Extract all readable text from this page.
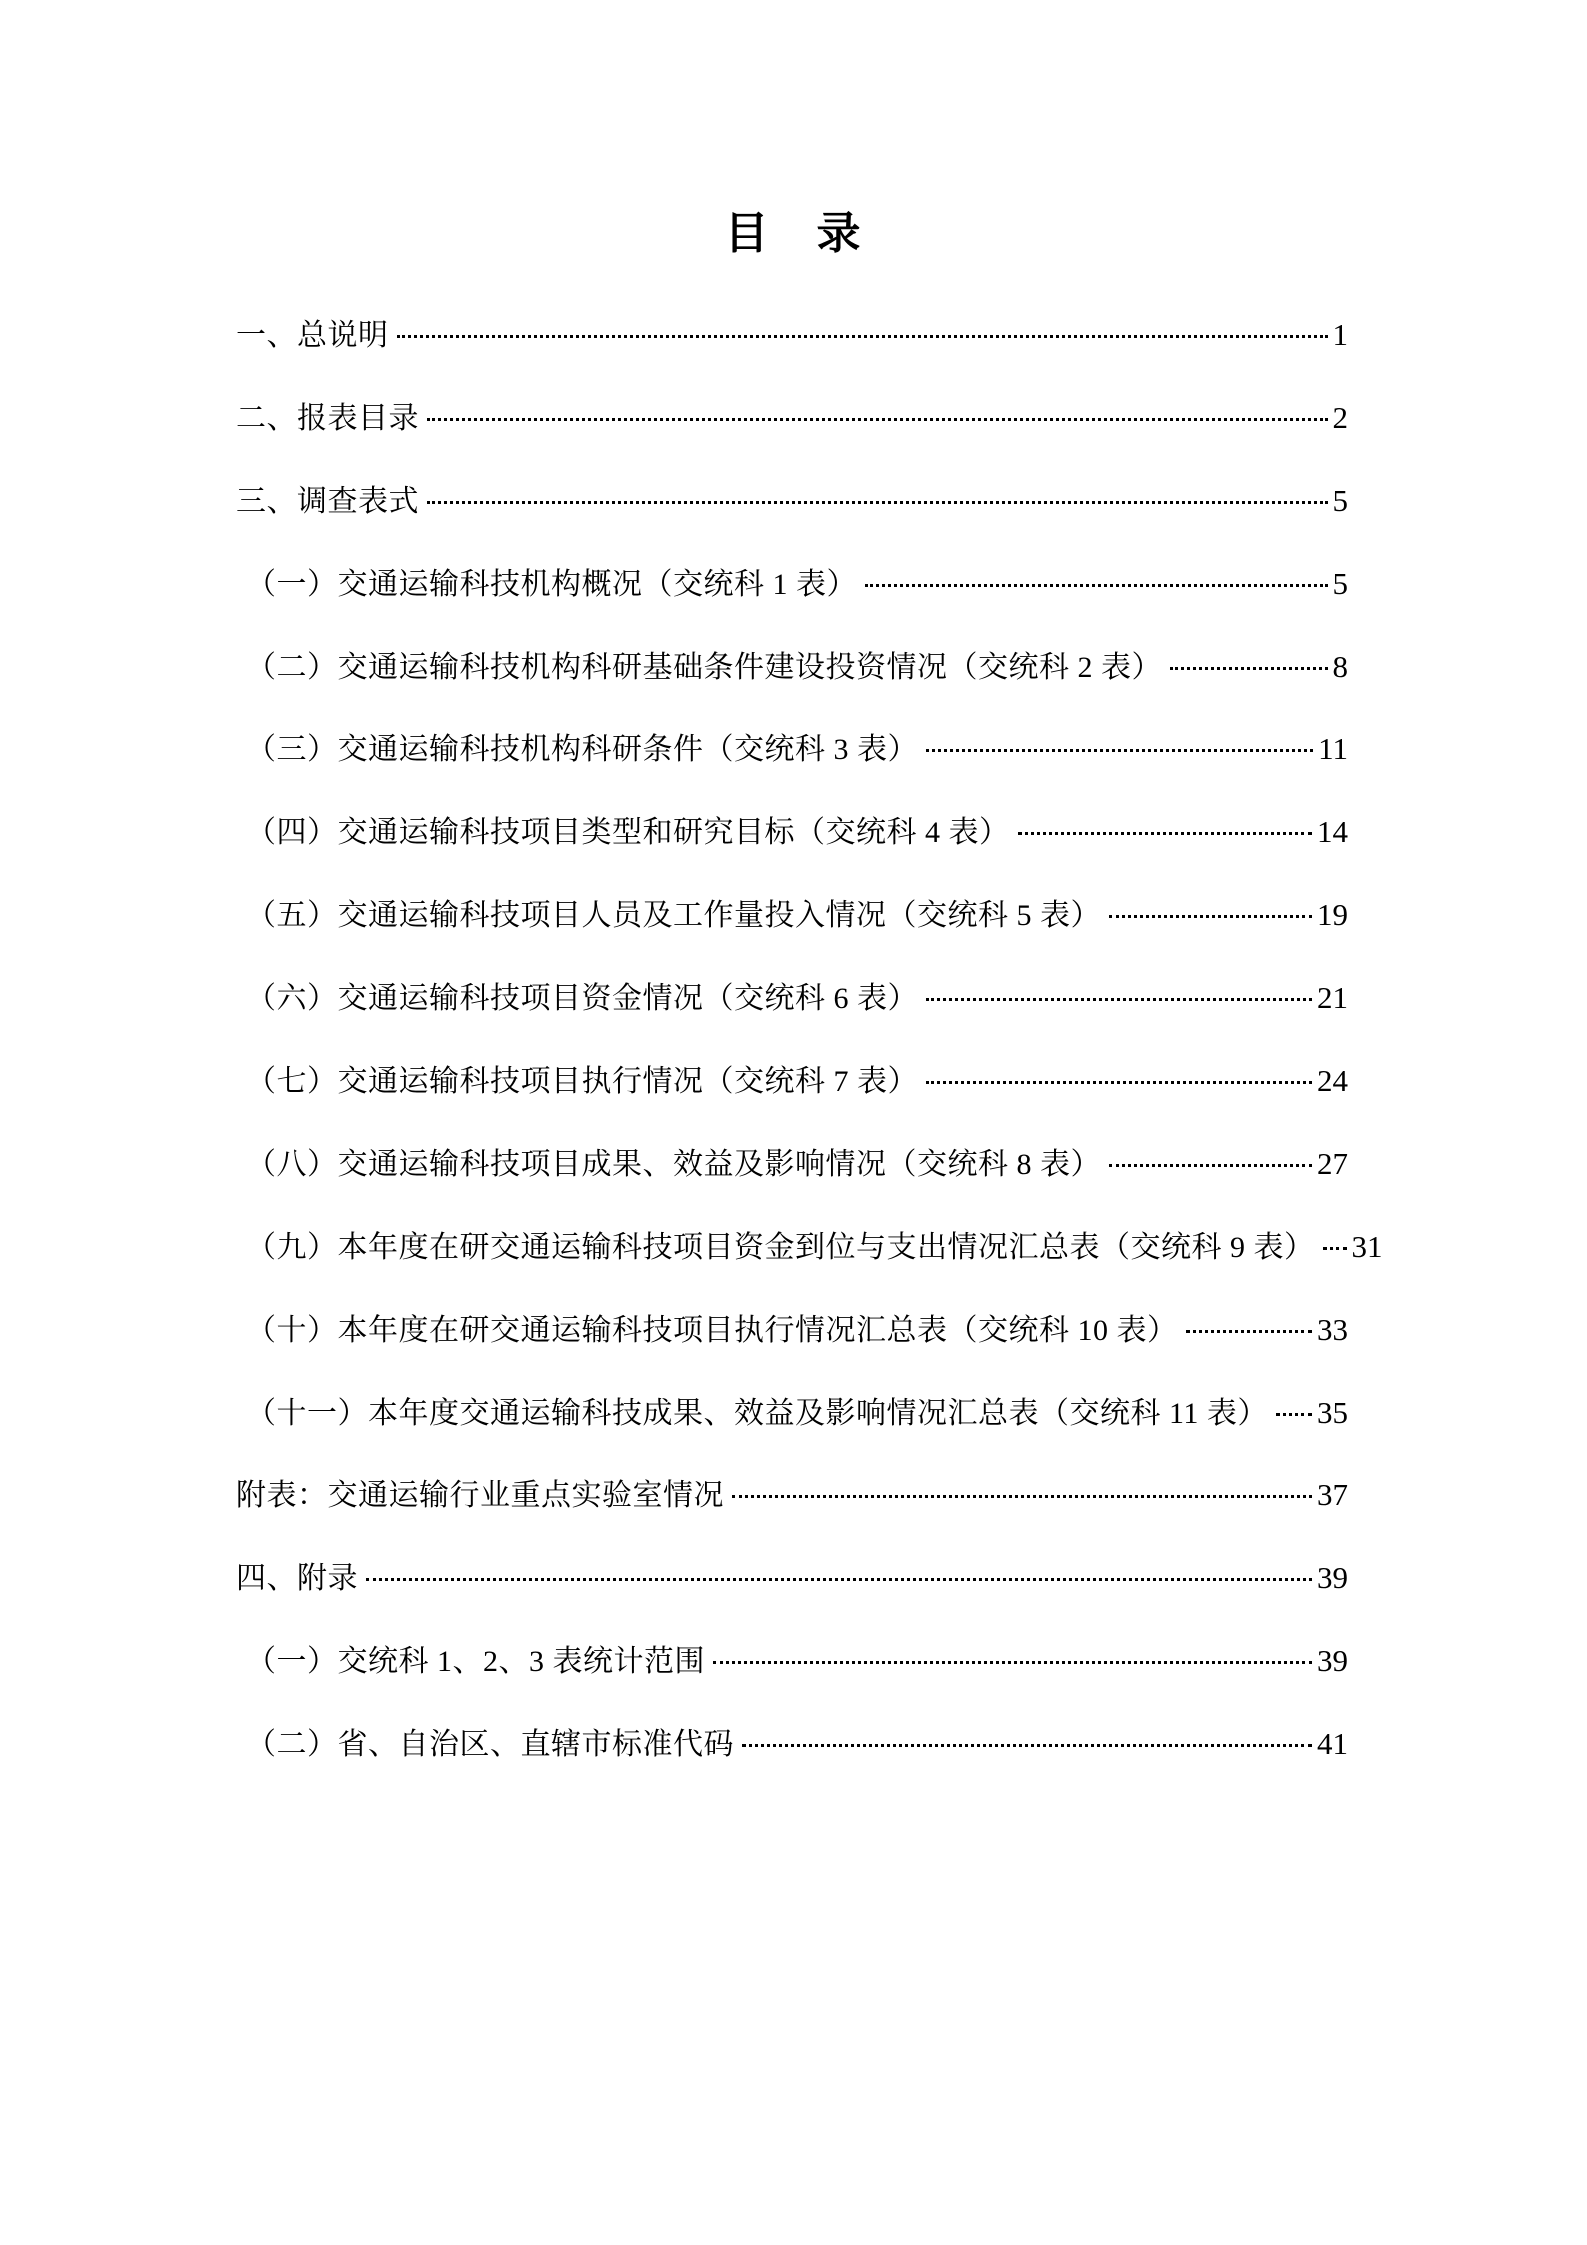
目　录
一、总说明	1
二、报表目录	2
三、调查表式	5
（一）交通运输科技机构概况（交统科 1 表）	5
（二）交通运输科技机构科研基础条件建设投资情况（交统科 2 表）	8
（三）交通运输科技机构科研条件（交统科 3 表）	11
（四）交通运输科技项目类型和研究目标（交统科 4 表）	14
（五）交通运输科技项目人员及工作量投入情况（交统科 5 表）	19
（六）交通运输科技项目资金情况（交统科 6 表）	21
（七）交通运输科技项目执行情况（交统科 7 表）	24
（八）交通运输科技项目成果、效益及影响情况（交统科 8 表）	27
（九）本年度在研交通运输科技项目资金到位与支出情况汇总表（交统科 9 表） 31
（十）本年度在研交通运输科技项目执行情况汇总表（交统科 10 表）	33
（十一）本年度交通运输科技成果、效益及影响情况汇总表（交统科 11 表） 35
附表：交通运输行业重点实验室情况	37
四、附录	39
（一）交统科 1、2、3 表统计范围	39
（二）省、自治区、直辖市标准代码	41
